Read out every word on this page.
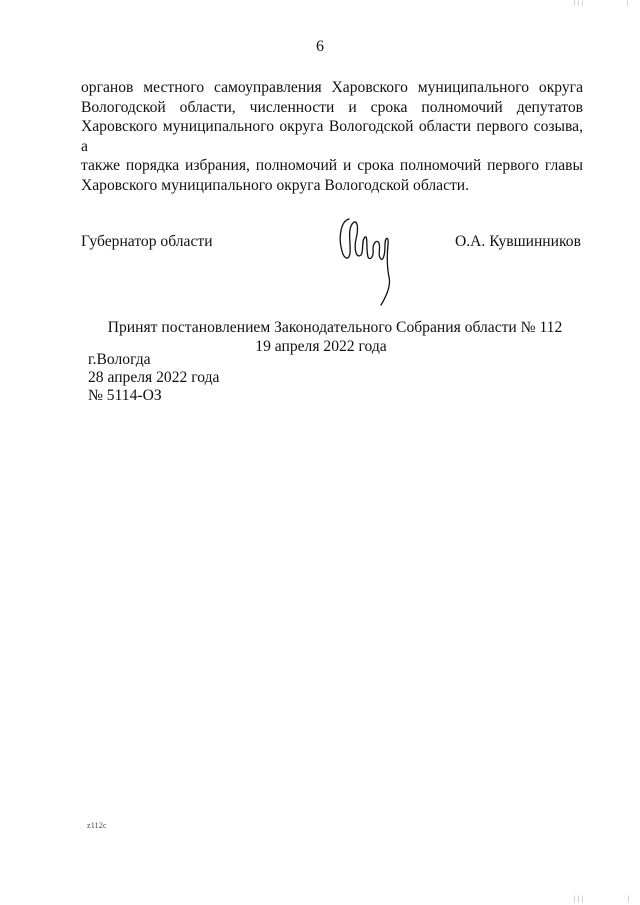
6
органов местного самоуправления Харовского муниципального округа
Вологодской области, численности и срока полномочий депутатов
Харовского муниципального округа Вологодской области первого созыва, а
также порядка избрания, полномочий и срока полномочий первого главы
Харовского муниципального округа Вологодской области.
Губернатор области	О.А. Кувшинников
Принят постановлением Законодательного Собрания области № 112
19 апреля 2022 года
г.Вологда
28 апреля 2022 года
№ 5114-ОЗ
z112c
│││	│
│││	│
